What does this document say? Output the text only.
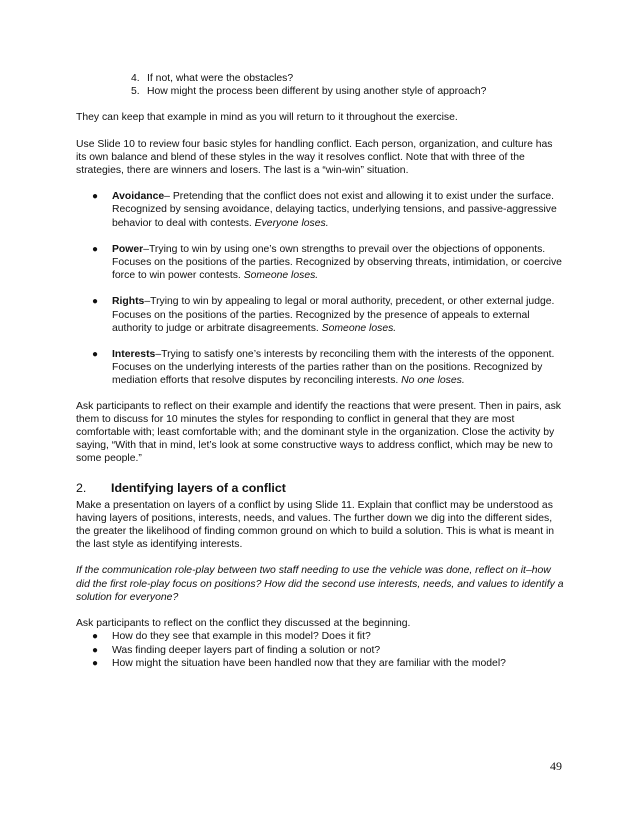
4. If not, what were the obstacles?
5. How might the process been different by using another style of approach?

They can keep that example in mind as you will return to it throughout the exercise.

Use Slide 10 to review four basic styles for handling conflict. Each person, organization, and culture has its own balance and blend of these styles in the way it resolves conflict. Note that with three of the strategies, there are winners and losers. The last is a “win-win” situation.

● Avoidance– Pretending that the conflict does not exist and allowing it to exist under the surface. Recognized by sensing avoidance, delaying tactics, underlying tensions, and passive-aggressive behavior to deal with contests. Everyone loses.
● Power–Trying to win by using one’s own strengths to prevail over the objections of opponents. Focuses on the positions of the parties. Recognized by observing threats, intimidation, or coercive force to win power contests. Someone loses.
● Rights–Trying to win by appealing to legal or moral authority, precedent, or other external judge. Focuses on the positions of the parties. Recognized by the presence of appeals to external authority to judge or arbitrate disagreements. Someone loses.
● Interests–Trying to satisfy one’s interests by reconciling them with the interests of the opponent. Focuses on the underlying interests of the parties rather than on the positions. Recognized by mediation efforts that resolve disputes by reconciling interests. No one loses.

Ask participants to reflect on their example and identify the reactions that were present. Then in pairs, ask them to discuss for 10 minutes the styles for responding to conflict in general that they are most comfortable with; least comfortable with; and the dominant style in the organization. Close the activity by saying, “With that in mind, let’s look at some constructive ways to address conflict, which may be new to some people.”

2. Identifying layers of a conflict

Make a presentation on layers of a conflict by using Slide 11. Explain that conflict may be understood as having layers of positions, interests, needs, and values. The further down we dig into the different sides, the greater the likelihood of finding common ground on which to build a solution. This is what is meant in the last style as identifying interests.

If the communication role-play between two staff needing to use the vehicle was done, reflect on it–how did the first role-play focus on positions? How did the second use interests, needs, and values to identify a solution for everyone?

Ask participants to reflect on the conflict they discussed at the beginning.

● How do they see that example in this model? Does it fit?
● Was finding deeper layers part of finding a solution or not?
● How might the situation have been handled now that they are familiar with the model?
49
